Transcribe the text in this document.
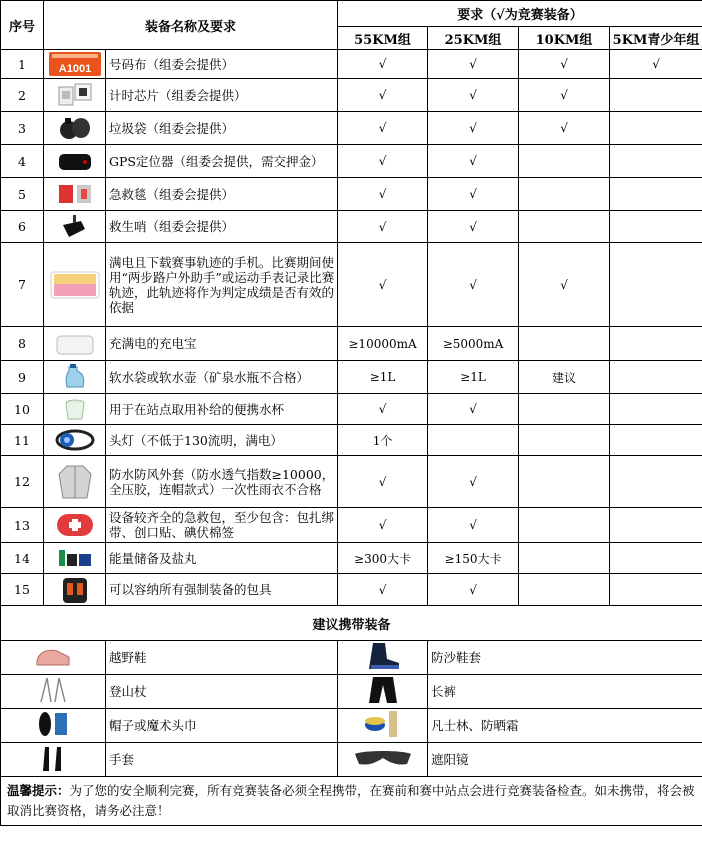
序号	装备名称及要求		要求（√为竞赛装备）			
			55KM组	25KM组	10KM组	5KM青少年组
1	A1001	号码布（组委会提供）	√	√	√	√
2		计时芯片（组委会提供）	√	√	√	
3		垃圾袋（组委会提供）	√	√	√	
4		GPS定位器（组委会提供，需交押金）	√	√		
5		急救毯（组委会提供）	√	√		
6		救生哨（组委会提供）	√	√		
7		满电且下载赛事轨迹的手机。比赛期间使用“两步路户外助手”或运动手表记录比赛轨迹，此轨迹将作为判定成绩是否有效的依据	√	√	√	
8		充满电的充电宝	≥10000mA	≥5000mA		
9		软水袋或软水壶（矿泉水瓶不合格）	≥1L	≥1L	建议	
10		用于在站点取用补给的便携水杯	√	√		
11		头灯（不低于130流明，满电）	1个			
12		防水防风外套（防水透气指数≥10000，全压胶，连帽款式）一次性雨衣不合格	√	√		
13		设备较齐全的急救包，至少包含：包扎绑带、创口贴、碘伏棉签	√	√		
14		能量储备及盐丸	≥300大卡	≥150大卡		
15		可以容纳所有强制装备的包具	√	√		
建议携带装备						
	越野鞋		防沙鞋套		
	登山杖		长裤		
	帽子或魔术头巾		凡士林、防晒霜		
	手套		遮阳镜		
温馨提示：为了您的安全顺利完赛，所有竞赛装备必须全程携带，在赛前和赛中站点会进行竞赛装备检查。如未携带，将会被取消比赛资格，请务必注意！						
